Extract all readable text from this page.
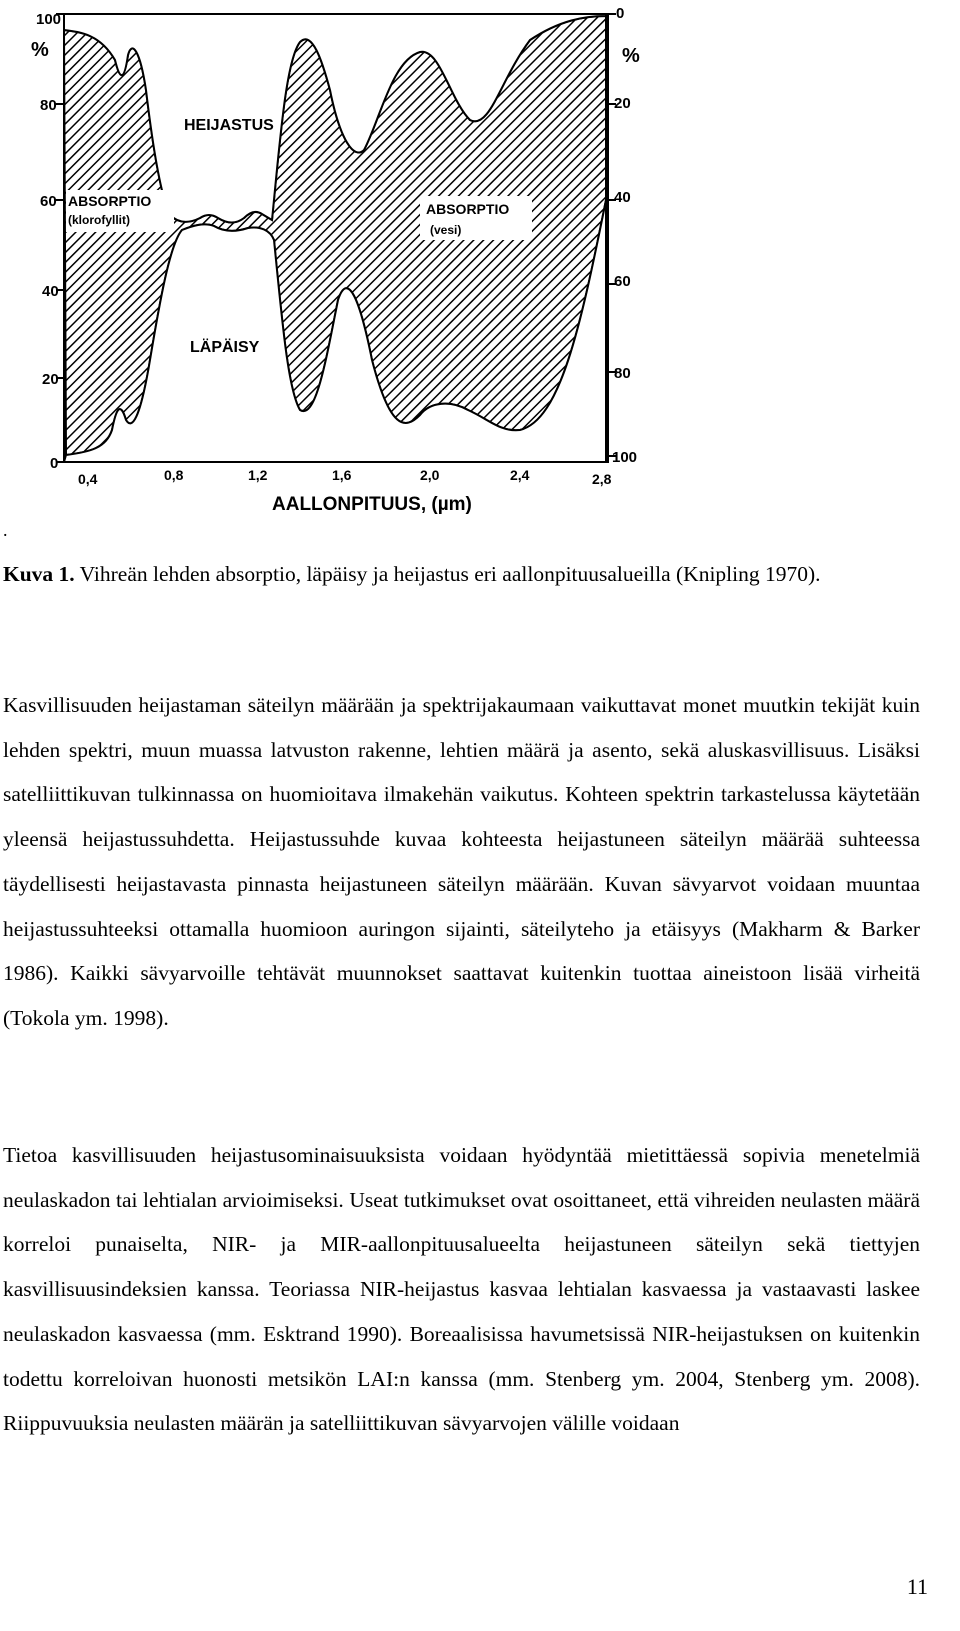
100
%
80
60
40
20
0
0
%
20
40
60
80
100
0,4	0,8	1,2	1,6	2,0	2,4	2,8
AALLONPITUUS, (µm)
HEIJASTUS
LÄPÄISY
ABSORPTIO
(klorofyllit)
ABSORPTIO
(vesi)
.
Kuva 1. Vihreän lehden absorptio, läpäisy ja heijastus eri aallonpituusalueilla (Knipling 1970).

Kasvillisuuden heijastaman säteilyn määrään ja spektrijakaumaan vaikuttavat monet muutkin tekijät kuin lehden spektri, muun muassa latvuston rakenne, lehtien määrä ja asento, sekä aluskasvillisuus. Lisäksi satelliittikuvan tulkinnassa on huomioitava ilmakehän vaikutus. Kohteen spektrin tarkastelussa käytetään yleensä heijastussuhdetta. Heijastussuhde kuvaa kohteesta heijastuneen säteilyn määrää suhteessa täydellisesti heijastavasta pinnasta heijastuneen säteilyn määrään. Kuvan sävyarvot voidaan muuntaa heijastussuhteeksi ottamalla huomioon auringon sijainti, säteilyteho ja etäisyys (Makharm & Barker 1986). Kaikki sävyarvoille tehtävät muunnokset saattavat kuitenkin tuottaa aineistoon lisää virheitä (Tokola ym. 1998).

Tietoa kasvillisuuden heijastusominaisuuksista voidaan hyödyntää mietittäessä sopivia menetelmiä neulaskadon tai lehtialan arvioimiseksi. Useat tutkimukset ovat osoittaneet, että vihreiden neulasten määrä korreloi punaiselta, NIR- ja MIR-aallonpituusalueelta heijastuneen säteilyn sekä tiettyjen kasvillisuusindeksien kanssa. Teoriassa NIR-heijastus kasvaa lehtialan kasvaessa ja vastaavasti laskee neulaskadon kasvaessa (mm. Esktrand 1990). Boreaalisissa havumetsissä NIR-heijastuksen on kuitenkin todettu korreloivan huonosti metsikön LAI:n kanssa (mm. Stenberg ym. 2004, Stenberg ym. 2008). Riippuvuuksia neulasten määrän ja satelliittikuvan sävyarvojen välille voidaan

11
